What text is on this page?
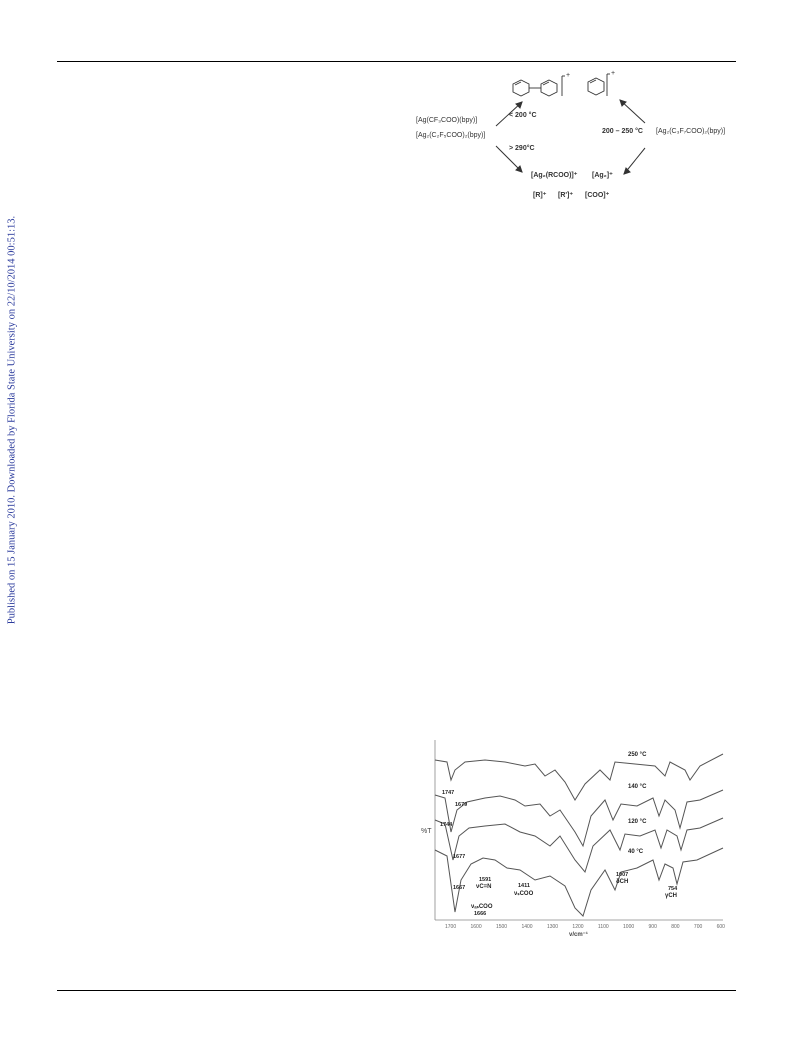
Published on 15 January 2010. Downloaded by Florida State University on 22/10/2014 00:51:13.
[Ag(CF₃COO)(bpy)]
[Ag₂(C₂F₅COO)₂(bpy)]
< 200 °C
> 290°C
200 – 250 °C [Ag₂(C₃F₇COO)₂(bpy)]
+	+
[Ag₂(RCOO)]⁺ [Ag₂]⁺
[R]⁺ [R']⁺ [COO]⁺
%T
1700	1600	1500	1400	1300	1200	1100	1000	900	800	700	600
v/cm⁻¹
250 °C
140 °C
120 °C
40 °C
1747
1679
1744
1677
1667
1591
νC=N	1411
νₛCOO
1007
δCH
754
γCH
νₐₛCOO
1666
